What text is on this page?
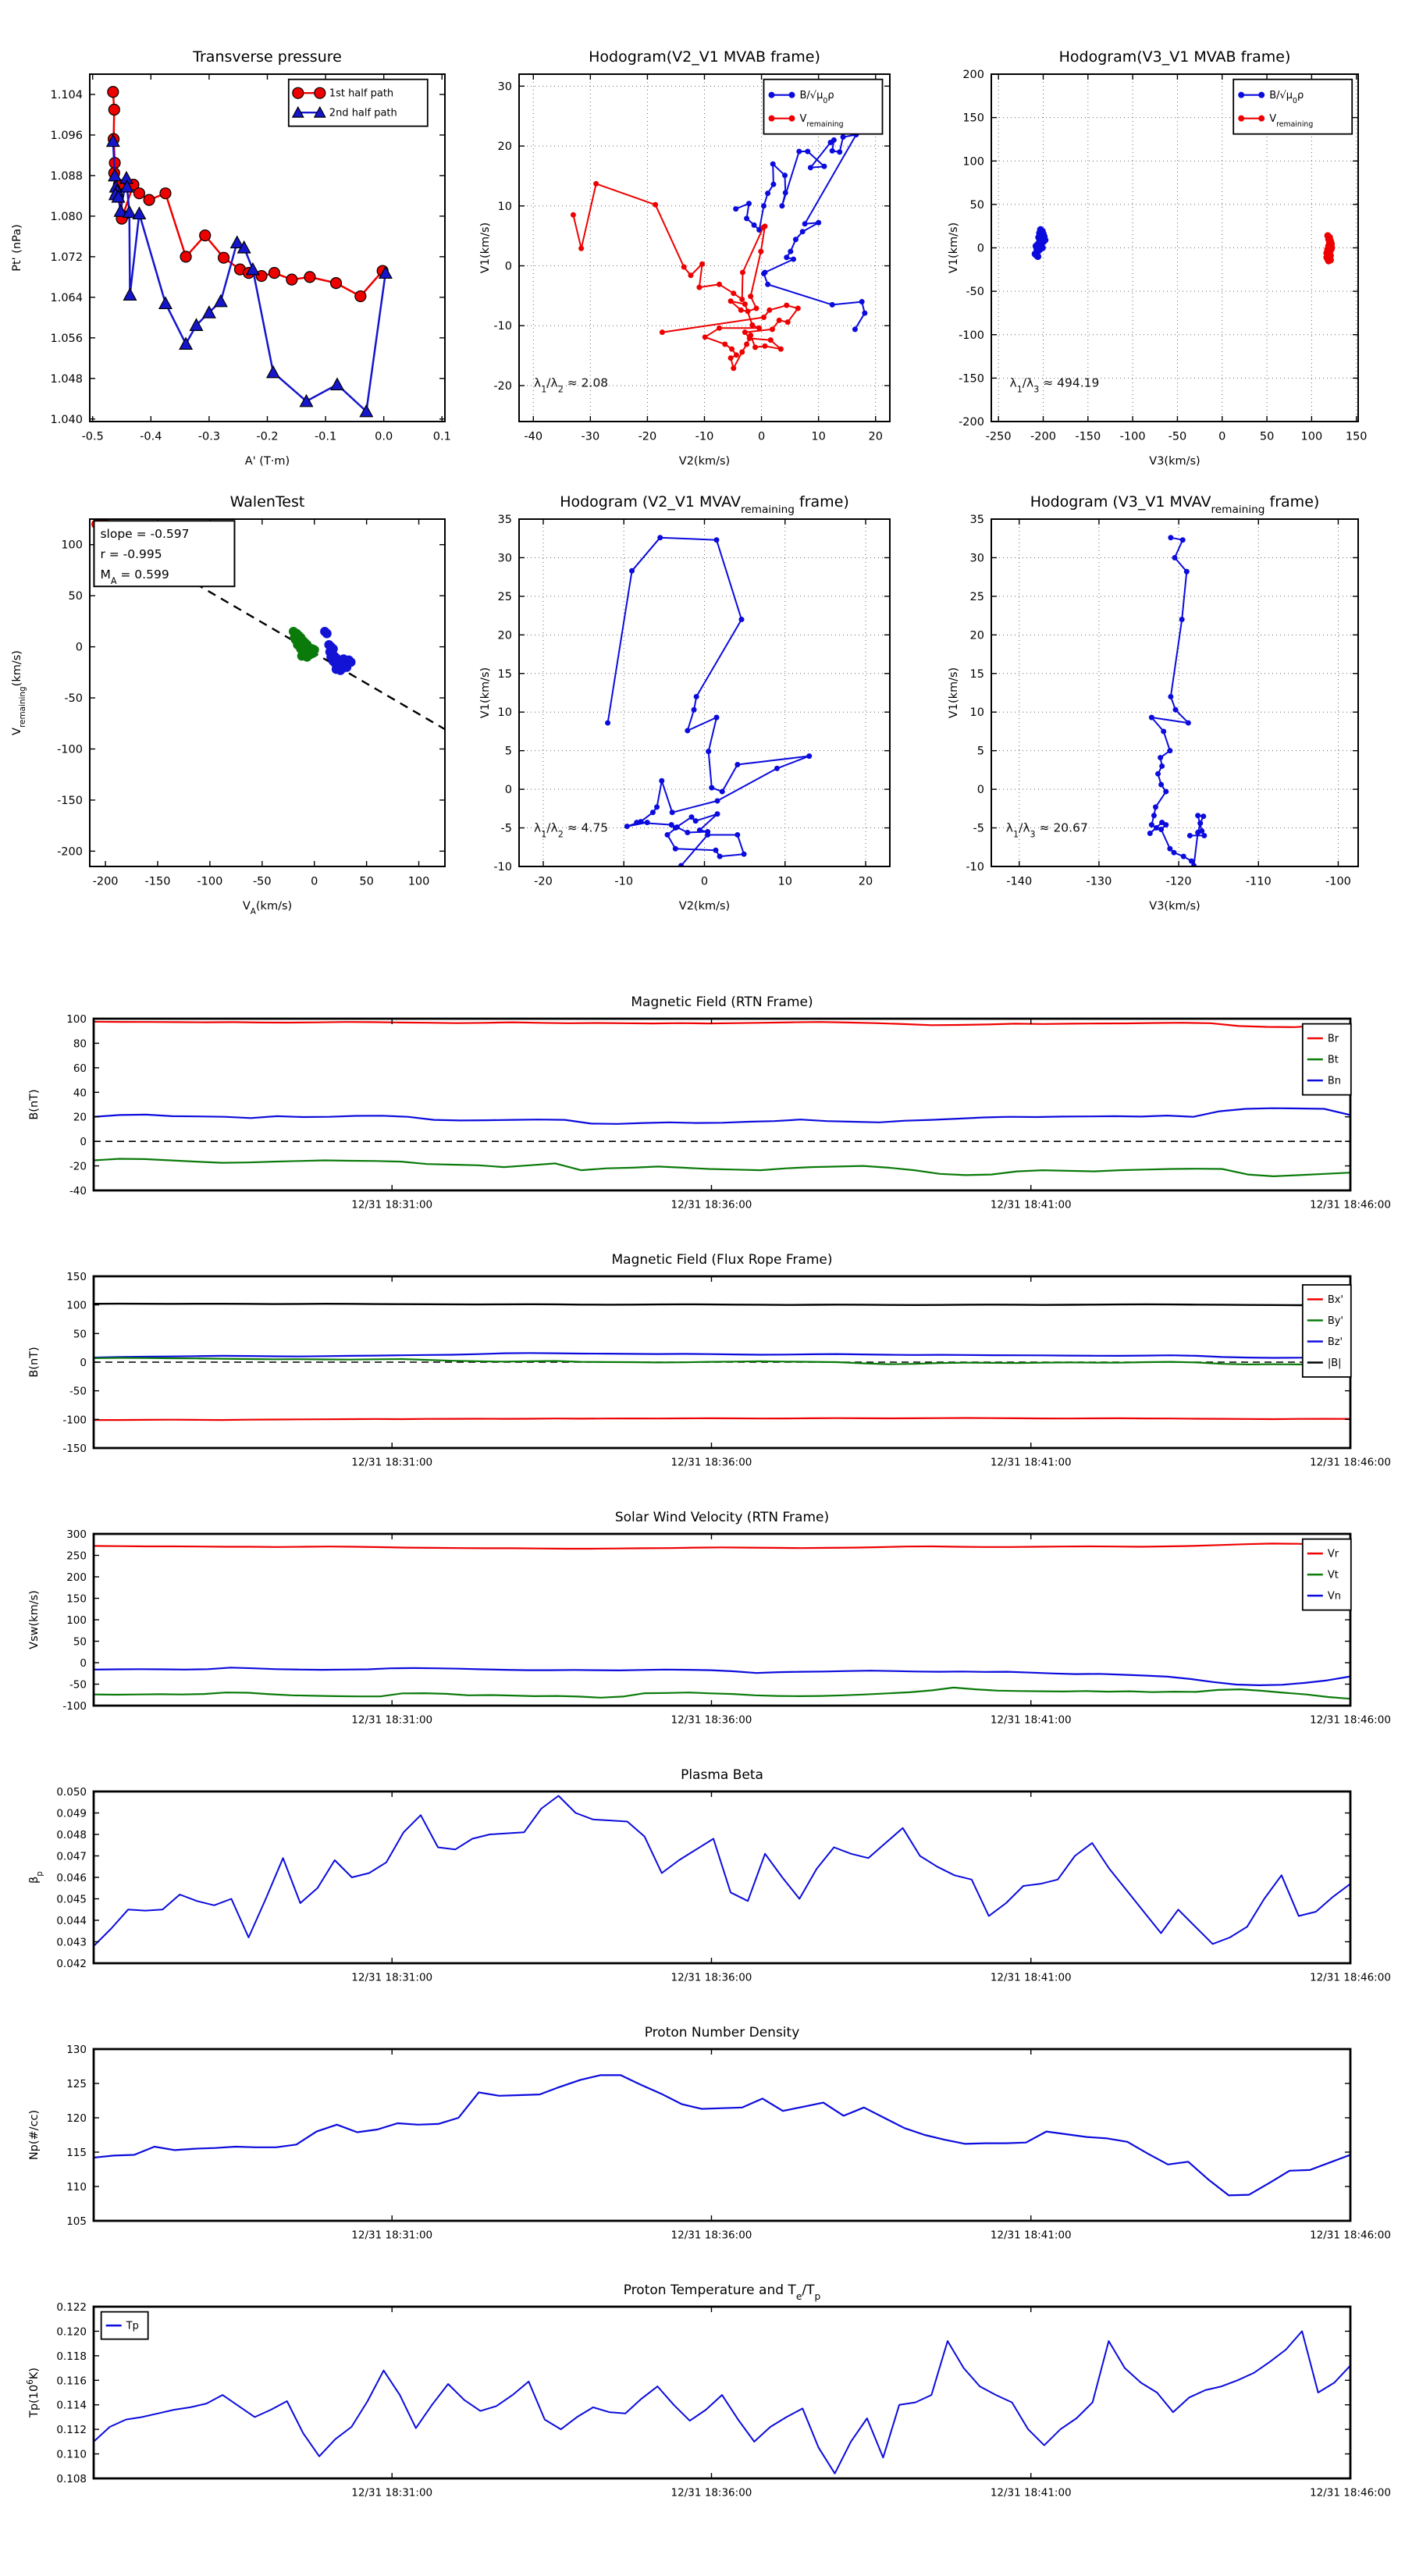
-0.5	-0.4	-0.3	-0.2	-0.1	0.0	0.1
1.040
1.048
1.056
1.064
1.072
1.080
1.088
1.096
1.104
Transverse pressure
A' (T·m)
Pt' (nPa)
1st half path
2nd half path
-40	-30	-20	-10	0	10	20
-20
-10
0
10
20
30
Hodogram(V2_V1 MVAB frame)
V2(km/s)
V1(km/s)
$\lambda_1/\lambda_2 \approx 2.08$
$B/√\mu_0\rho$
$V_{remaining}$
-250 -200 -150 -100 -50	0	50 100 150
-200
-150
-100
-50
0
50
100
150
200
Hodogram(V3_V1 MVAB frame)
V3(km/s)
V1(km/s)
$\lambda_1/\lambda_3 \approx 494.19$
$B/√\mu_0\rho$
$V_{remaining}$
-200 -150 -100	-50	0	50	100
-200
-150
-100
-50
0
50
100
WalenTest
$V_A(km/s)$
$V_{remaining}(km/s)$
slope = -0.597
r = -0.995
$M_A = 0.599$
-20	-10	0	10	20
-10
-5
0
5
10
15
20
25
30
35
Hodogram (V2_V1 $MVAV_{remaining}$ frame)
V2(km/s)
V1(km/s)
$\lambda_1/\lambda_2 \approx 4.75$
-140	-130	-120	-110	-100
-10
-5
0
5
10
15
20
25
30
35
Hodogram (V3_V1 $MVAV_{remaining}$ frame)
V3(km/s)
V1(km/s)
$\lambda_1/\lambda_3 \approx 20.67$
12/31 18:31:00	12/31 18:36:00	12/31 18:41:00	12/31 18:46:00
-40
-20
0
20
40
60
80
100
Magnetic Field (RTN Frame)
B(nT)
Br
Bt
Bn
12/31 18:31:00	12/31 18:36:00	12/31 18:41:00	12/31 18:46:00
-150
-100
-50
0
50
100
150
Magnetic Field (Flux Rope Frame)
B(nT)
Bx'
By'
Bz'
|B|
12/31 18:31:00	12/31 18:36:00	12/31 18:41:00	12/31 18:46:00
-100
-50
0
50
100
150
200
250
300
Solar Wind Velocity (RTN Frame)
Vsw(km/s)
Vr
Vt
Vn
12/31 18:31:00	12/31 18:36:00	12/31 18:41:00	12/31 18:46:00
0.042
0.043
0.044
0.045
0.046
0.047
0.048
0.049
0.050
Plasma Beta
$\beta_p$
12/31 18:31:00	12/31 18:36:00	12/31 18:41:00	12/31 18:46:00
105
110
115
120
125
130
Proton Number Density
Np(#/cc)
12/31 18:31:00	12/31 18:36:00	12/31 18:41:00	12/31 18:46:00
0.108
0.110
0.112
0.114
0.116
0.118
0.120
0.122
Proton Temperature and $T_e/T_p$
$Tp(10^6K)$
Tp
